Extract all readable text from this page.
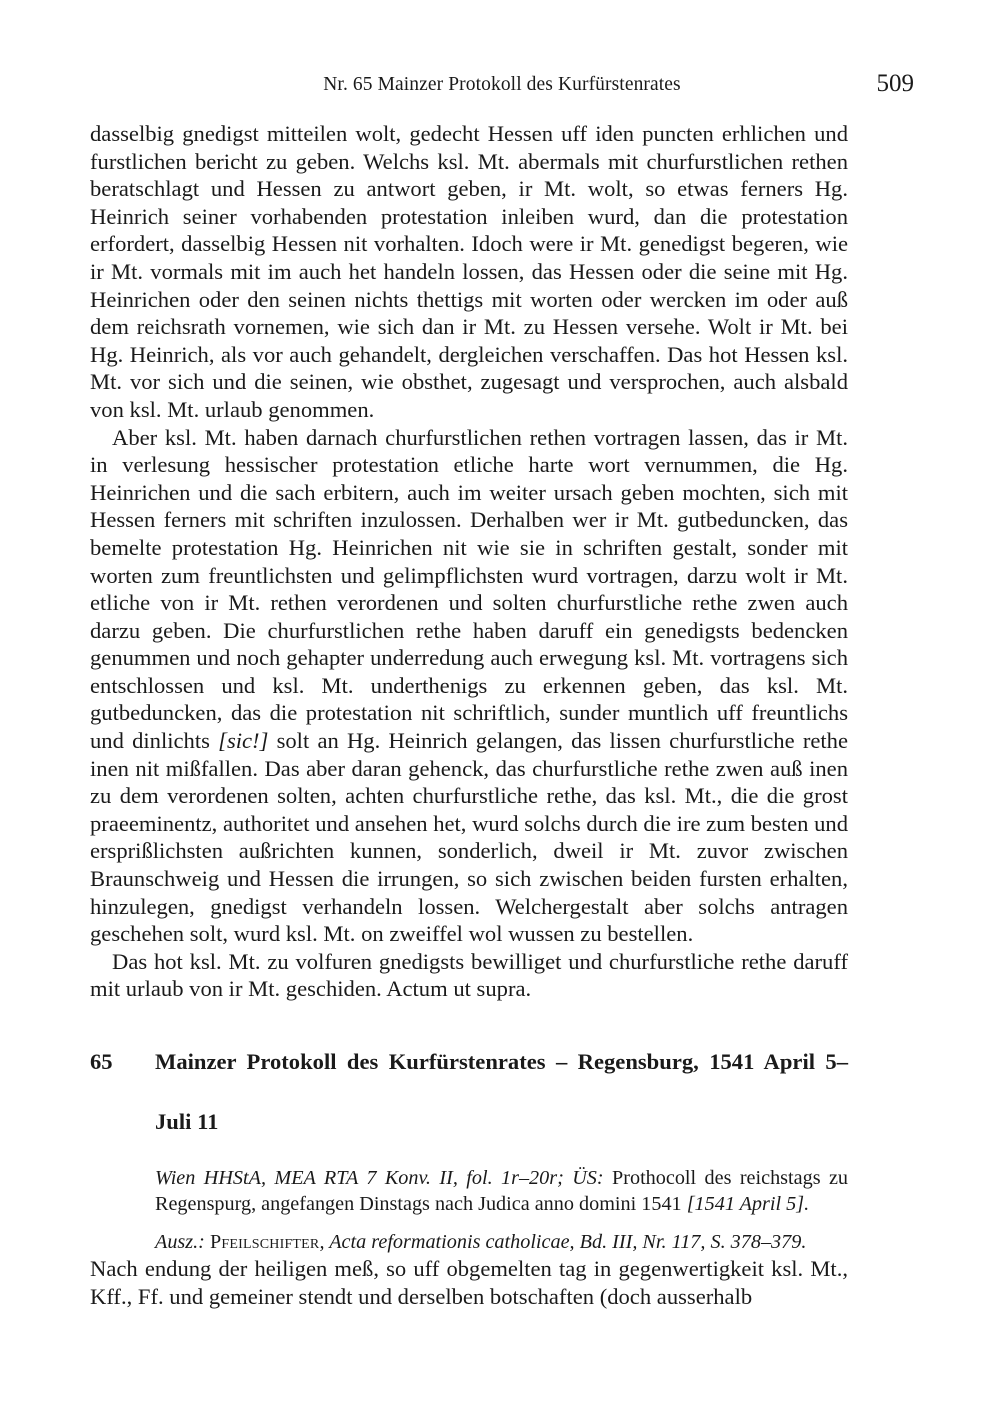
Nr. 65 Mainzer Protokoll des Kurfürstenrates	509

dasselbig gnedigst mitteilen wolt, gedecht Hessen uff iden puncten erhlichen und furstlichen bericht zu geben. Welchs ksl. Mt. abermals mit churfurstlichen rethen beratschlagt und Hessen zu antwort geben, ir Mt. wolt, so etwas ferners Hg. Heinrich seiner vorhabenden protestation inleiben wurd, dan die protestation erfordert, dasselbig Hessen nit vorhalten. Idoch were ir Mt. genedigst begeren, wie ir Mt. vormals mit im auch het handeln lossen, das Hessen oder die seine mit Hg. Heinrichen oder den seinen nichts thettigs mit worten oder wercken im oder auß dem reichsrath vornemen, wie sich dan ir Mt. zu Hessen versehe. Wolt ir Mt. bei Hg. Heinrich, als vor auch gehandelt, dergleichen verschaffen. Das hot Hessen ksl. Mt. vor sich und die seinen, wie obsthet, zugesagt und versprochen, auch alsbald von ksl. Mt. urlaub genommen.

Aber ksl. Mt. haben darnach churfurstlichen rethen vortragen lassen, das ir Mt. in verlesung hessischer protestation etliche harte wort vernummen, die Hg. Heinrichen und die sach erbitern, auch im weiter ursach geben mochten, sich mit Hessen ferners mit schriften inzulossen. Derhalben wer ir Mt. gutbeduncken, das bemelte protestation Hg. Heinrichen nit wie sie in schriften gestalt, sonder mit worten zum freuntlichsten und gelimpflichsten wurd vortragen, darzu wolt ir Mt. etliche von ir Mt. rethen verordenen und solten churfurstliche rethe zwen auch darzu geben. Die churfurstlichen rethe haben daruff ein genedigsts bedencken genummen und noch gehapter underredung auch erwegung ksl. Mt. vortragens sich entschlossen und ksl. Mt. underthenigs zu erkennen geben, das ksl. Mt. gutbeduncken, das die protestation nit schriftlich, sunder muntlich uff freuntlichs und dinlichts [sic!] solt an Hg. Heinrich gelangen, das lissen churfurstliche rethe inen nit mißfallen. Das aber daran gehenck, das churfurstliche rethe zwen auß inen zu dem verordenen solten, achten churfurstliche rethe, das ksl. Mt., die die grost praeeminentz, authoritet und ansehen het, wurd solchs durch die ire zum besten und ersprißlichsten außrichten kunnen, sonderlich, dweil ir Mt. zuvor zwischen Braunschweig und Hessen die irrungen, so sich zwischen beiden fursten erhalten, hinzulegen, gnedigst verhandeln lossen. Welchergestalt aber solchs antragen geschehen solt, wurd ksl. Mt. on zweiffel wol wussen zu bestellen.

Das hot ksl. Mt. zu volfuren gnedigsts bewilliget und churfurstliche rethe daruff mit urlaub von ir Mt. geschiden. Actum ut supra.

65	Mainzer Protokoll des Kurfürstenrates – Regensburg, 1541 April 5–
Juli 11
Wien HHStA, MEA RTA 7 Konv. II, fol. 1r–20r; ÜS: Prothocoll des reichstags zu Regenspurg, angefangen Dinstags nach Judica anno domini 1541 [1541 April 5].
Ausz.: Pfeilschifter, Acta reformationis catholicae, Bd. III, Nr. 117, S. 378–379.

Nach endung der heiligen meß, so uff obgemelten tag in gegenwertigkeit ksl. Mt., Kff., Ff. und gemeiner stendt und derselben botschaften (doch ausserhalb
